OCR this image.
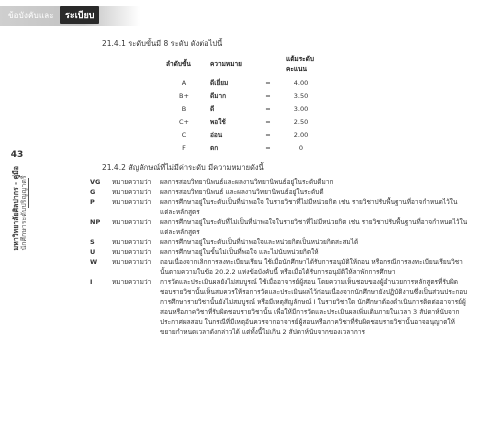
ข้อบังคับและ	ระเบียบ
43
มหาวิทยาลัยศิลปากร - คู่มือ
นักศึกษาระดับปริญญาตรี
21.4.1 ระดับขั้นมี 8 ระดับ ดังต่อไปนี้
ลำดับขั้น	ความหมาย		แต้มระดับคะแนน
A	ดีเยี่ยม	=	4.00
B+	ดีมาก	=	3.50
B	ดี	=	3.00
C+	พอใช้	=	2.50
C	อ่อน	=	2.00
F	ตก	=	0
21.4.2 สัญลักษณ์ที่ไม่มีค่าระดับ มีความหมายดังนี้
VG	หมายความว่า	ผลการสอบวิทยานิพนธ์และผลงานวิทยานิพนธ์อยู่ในระดับดีมาก
G	หมายความว่า	ผลการสอบวิทยานิพนธ์ และผลงานวิทยานิพนธ์อยู่ในระดับดี
P	หมายความว่า	ผลการศึกษาอยู่ในระดับเป็นที่น่าพอใจ ในรายวิชาที่ไม่มีหน่วยกิต เช่น รายวิชาปรับพื้นฐานที่อาจกำหนดไว้ในแต่ละหลักสูตร
NP	หมายความว่า	ผลการศึกษาอยู่ในระดับที่ไม่เป็นที่น่าพอใจในรายวิชาที่ไม่มีหน่วยกิต เช่น รายวิชาปรับพื้นฐานที่อาจกำหนดไว้ในแต่ละหลักสูตร
S	หมายความว่า	ผลการศึกษาอยู่ในระดับเป็นที่น่าพอใจและหน่วยกิตเป็นหน่วยกิตสะสมได้
U	หมายความว่า	ผลการศึกษาอยู่ในขั้นไม่เป็นที่พอใจ และไม่นับหน่วยกิตให้
W	หมายความว่า	ถอนเนื่องจากเลิกการลงทะเบียนเรียน ใช้เมื่อนักศึกษาได้รับการอนุมัติให้ถอน หรือกรณีการลงทะเบียนเรียนวิชานั้นตามความในข้อ 20.2.2 แห่งข้อบังคับนี้ หรือเมื่อได้รับการอนุมัติให้ลาพักการศึกษา
I	หมายความว่า	การวัดและประเมินผลยังไม่สมบูรณ์ ใช้เมื่ออาจารย์ผู้สอน โดยความเห็นชอบของผู้อำนวยการหลักสูตรที่รับผิดชอบรายวิชานั้นเห็นสมควรให้รอการวัดและประเมินผลไว้ก่อนเนื่องจากนักศึกษายังปฏิบัติงานซึ่งเป็นส่วนประกอบการศึกษารายวิชานั้นยังไม่สมบูรณ์ หรือมีเหตุสัญลักษณ์ I ในรายวิชาใด นักศึกษาต้องดำเนินการติดต่ออาจารย์ผู้สอนหรือภาควิชาที่รับผิดชอบรายวิชานั้น เพื่อให้มีการวัดและประเมินผลเพิ่มเติมภายในเวลา 3 สัปดาห์นับจากประกาศผลสอบ ในกรณีที่มีเหตุอันควรจากอาจารย์ผู้สอนหรือภาควิชาที่รับผิดชอบรายวิชานั้นอาจอนุญาตให้ขยายกำหนดเวลาดังกล่าวได้ แต่ทั้งนี้ไม่เกิน 2 สัปดาห์นับจากของเวลาการ
